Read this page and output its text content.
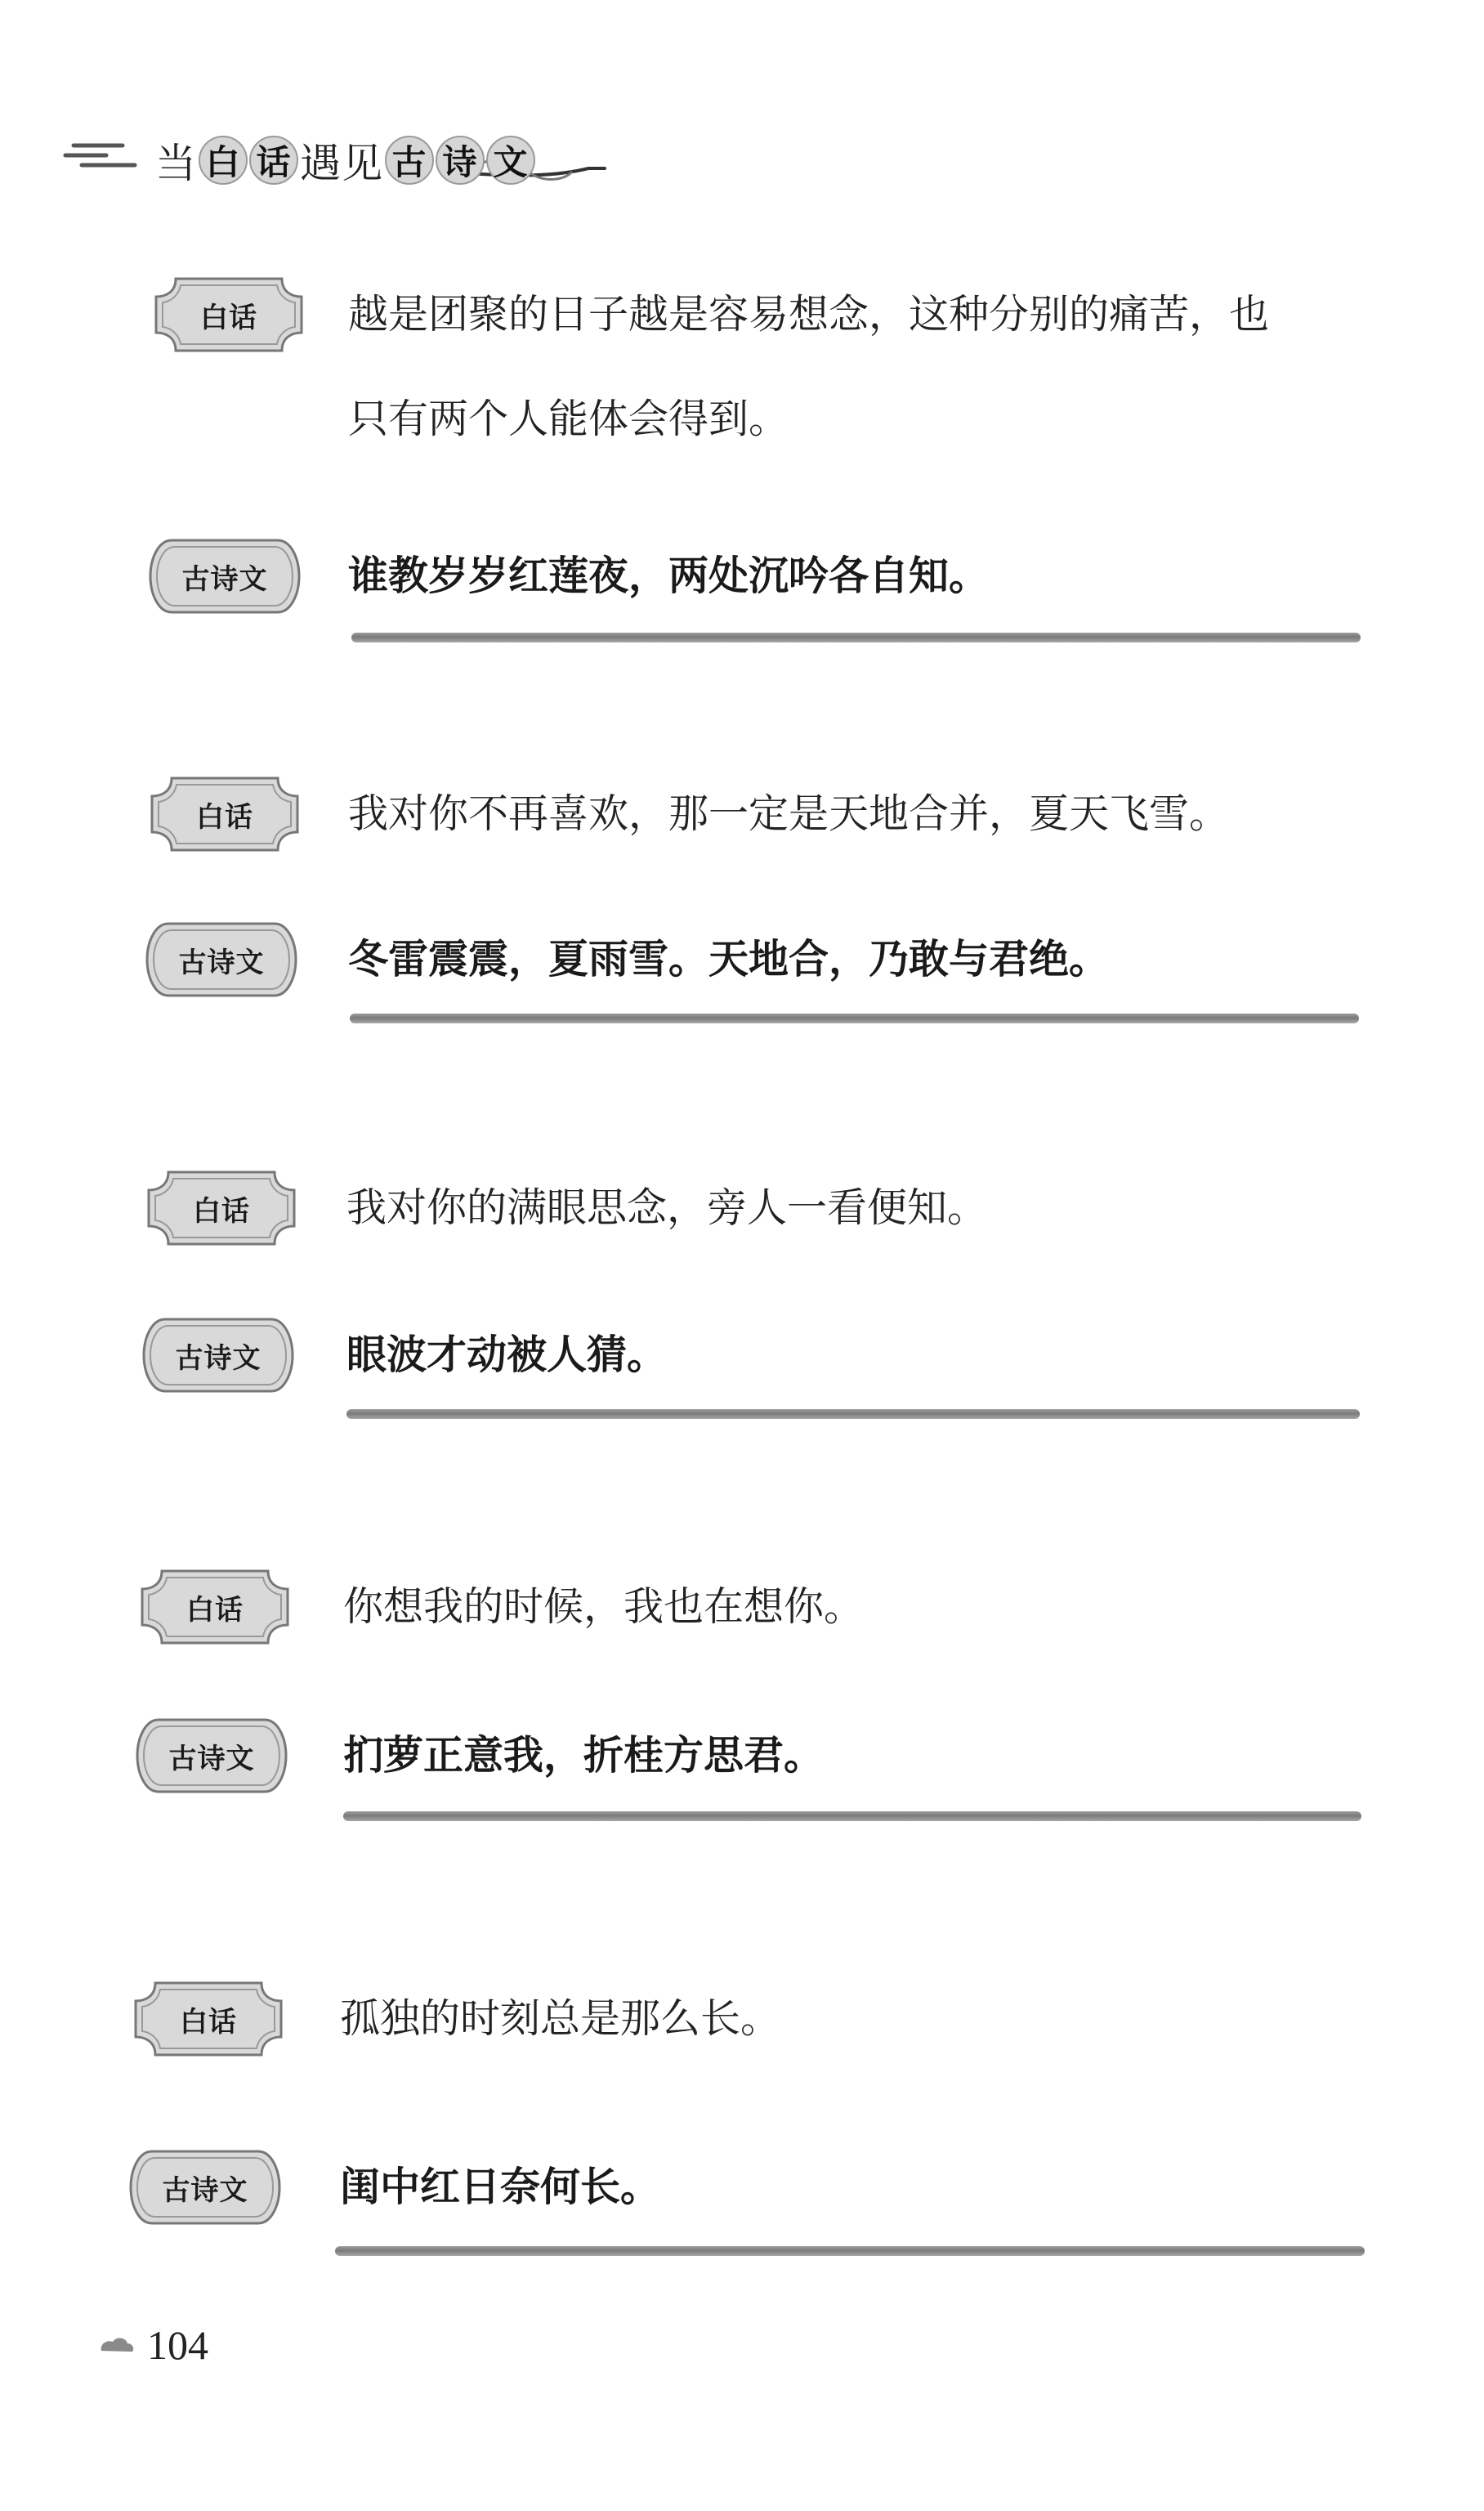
当 白 话 遇见 古 诗 文
白话	越是团聚的日子越是容易想念，这种分别的痛苦，也
只有两个人能体会得到。
古诗文	谁教岁岁红莲夜，两处沉吟各自知。
白话	我对你不再喜欢，那一定是天地合并，夏天飞雪。
古诗文	冬雷震震，夏雨雪。天地合，乃敢与君绝。
白话	我对你的满眼思念，旁人一看便知。
古诗文	眼波才动被人猜。
白话	你想我的时候，我也在想你。
古诗文	扪萝正意我，折桂方思君。
白话	孤独的时刻总是那么长。
古诗文	闺中红日奈何长。
104
